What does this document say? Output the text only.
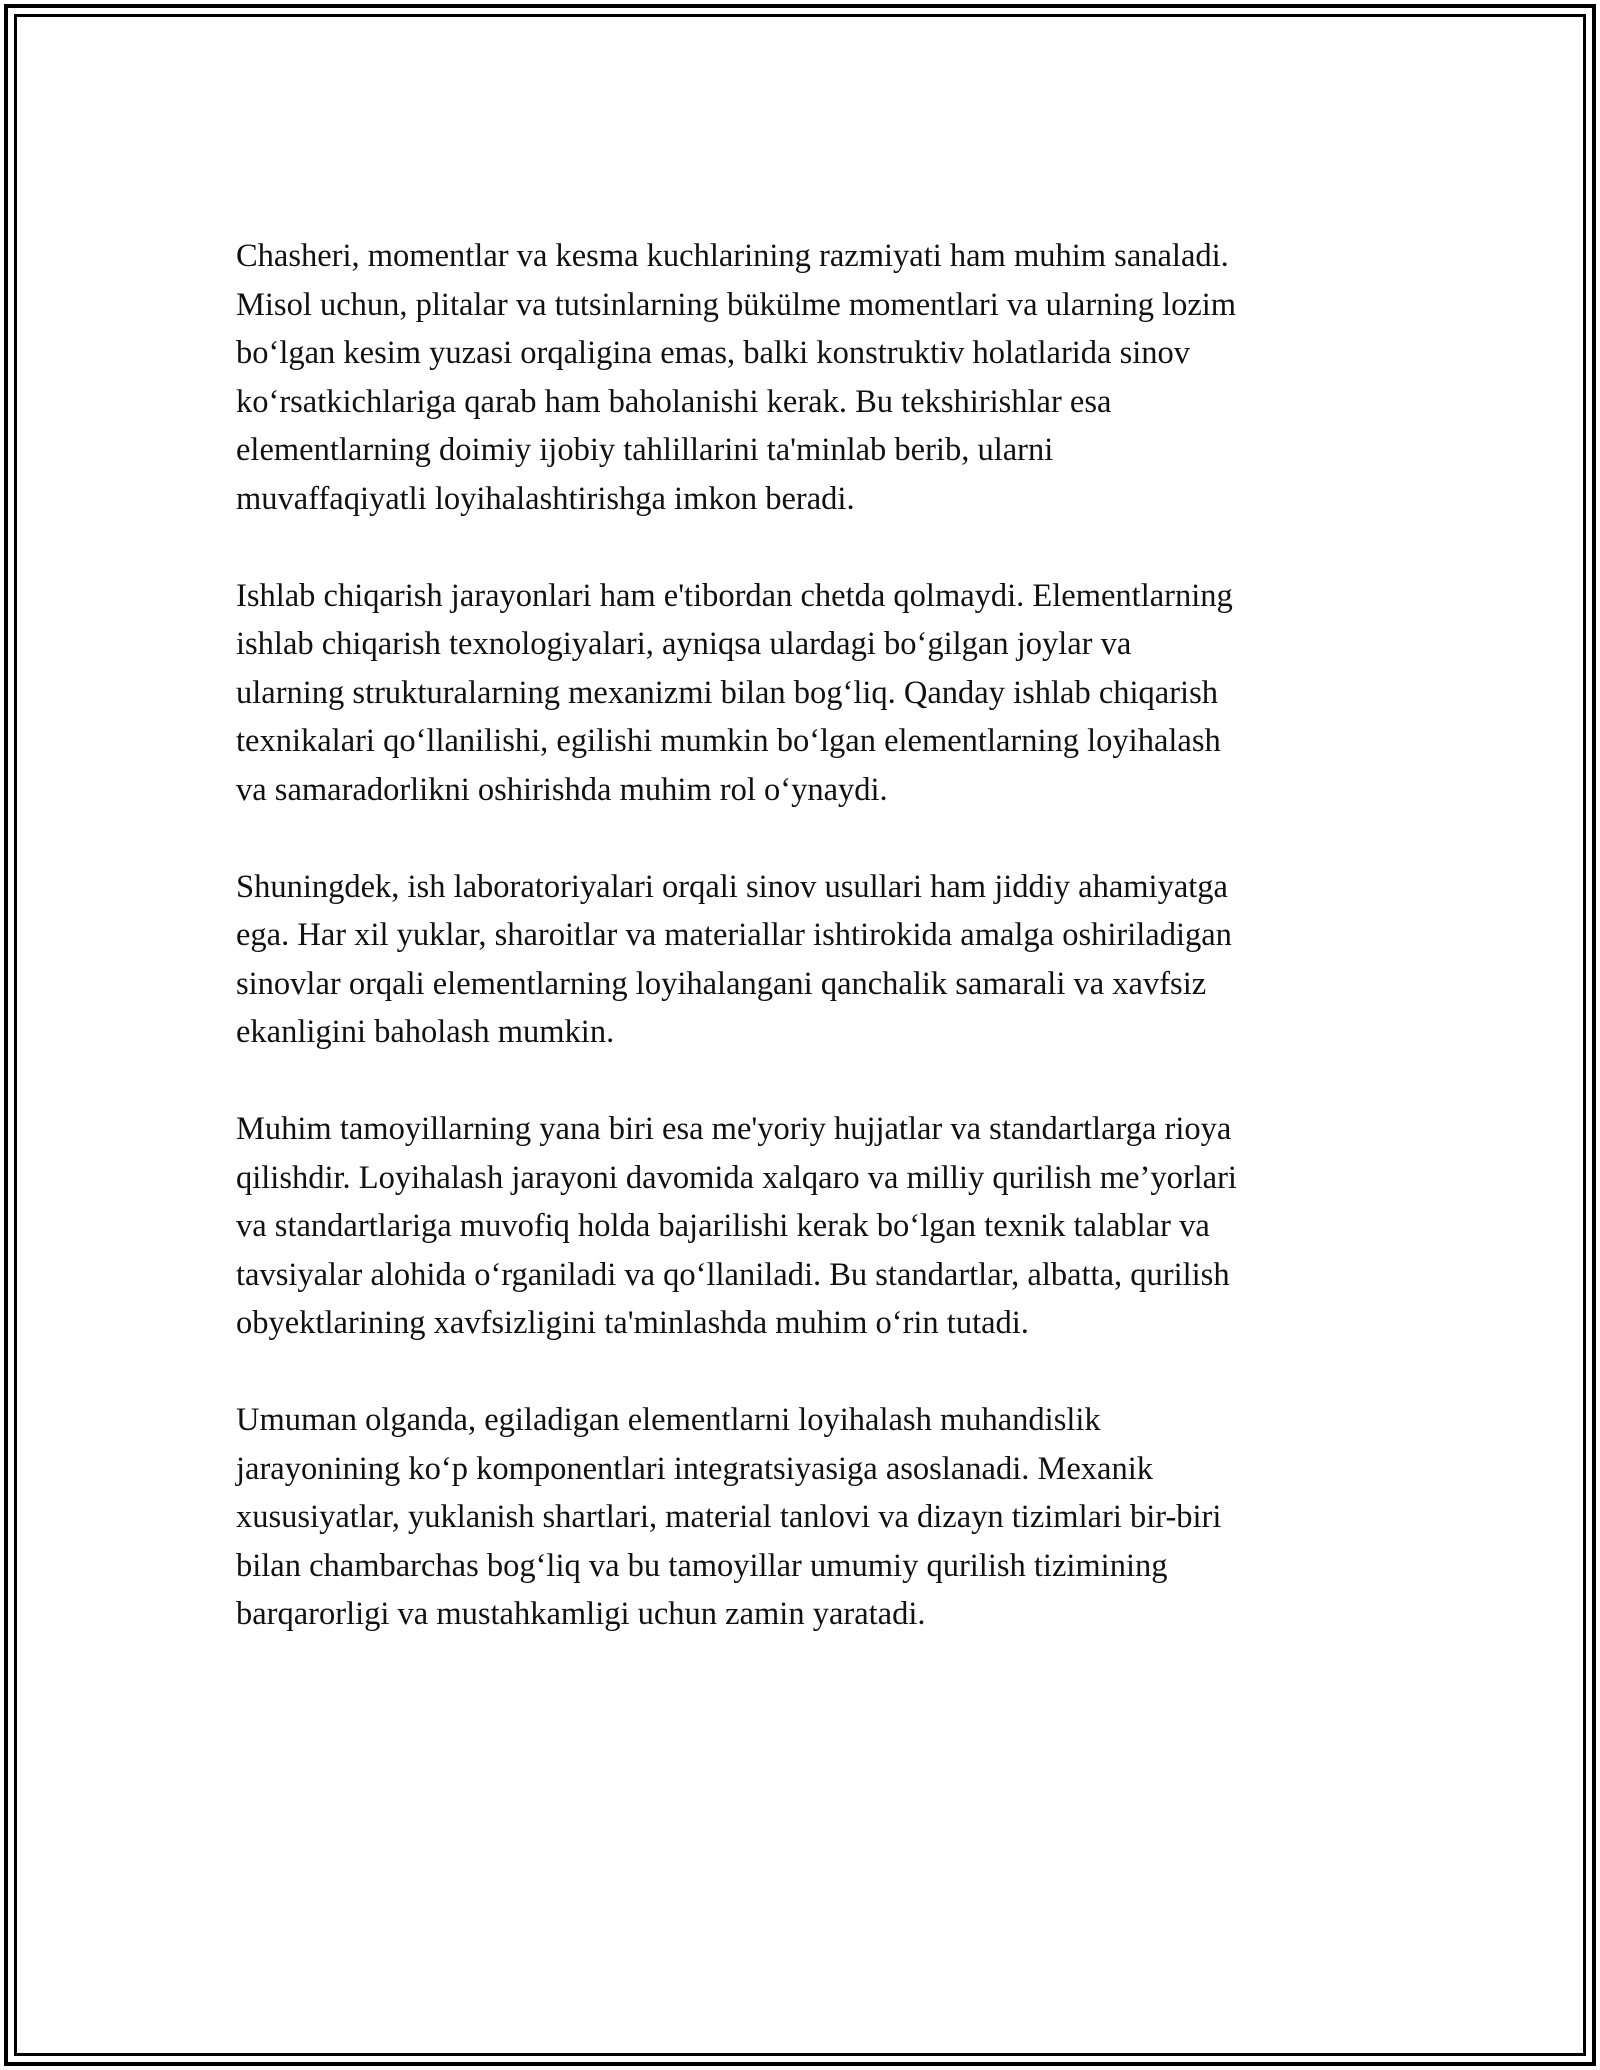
Chasheri, momentlar va kesma kuchlarining razmiyati ham muhim sanaladi.
Misol uchun, plitalar va tutsinlarning bükülme momentlari va ularning lozim
bo‘lgan kesim yuzasi orqaligina emas, balki konstruktiv holatlarida sinov
ko‘rsatkichlariga qarab ham baholanishi kerak. Bu tekshirishlar esa
elementlarning doimiy ijobiy tahlillarini ta'minlab berib, ularni
muvaffaqiyatli loyihalashtirishga imkon beradi.

Ishlab chiqarish jarayonlari ham e'tibordan chetda qolmaydi. Elementlarning
ishlab chiqarish texnologiyalari, ayniqsa ulardagi bo‘gilgan joylar va
ularning strukturalarning mexanizmi bilan bog‘liq. Qanday ishlab chiqarish
texnikalari qo‘llanilishi, egilishi mumkin bo‘lgan elementlarning loyihalash
va samaradorlikni oshirishda muhim rol o‘ynaydi.

Shuningdek, ish laboratoriyalari orqali sinov usullari ham jiddiy ahamiyatga
ega. Har xil yuklar, sharoitlar va materiallar ishtirokida amalga oshiriladigan
sinovlar orqali elementlarning loyihalangani qanchalik samarali va xavfsiz
ekanligini baholash mumkin.

Muhim tamoyillarning yana biri esa me'yoriy hujjatlar va standartlarga rioya
qilishdir. Loyihalash jarayoni davomida xalqaro va milliy qurilish me’yorlari
va standartlariga muvofiq holda bajarilishi kerak bo‘lgan texnik talablar va
tavsiyalar alohida o‘rganiladi va qo‘llaniladi. Bu standartlar, albatta, qurilish
obyektlarining xavfsizligini ta'minlashda muhim o‘rin tutadi.

Umuman olganda, egiladigan elementlarni loyihalash muhandislik
jarayonining ko‘p komponentlari integratsiyasiga asoslanadi. Mexanik
xususiyatlar, yuklanish shartlari, material tanlovi va dizayn tizimlari bir-biri
bilan chambarchas bog‘liq va bu tamoyillar umumiy qurilish tizimining
barqarorligi va mustahkamligi uchun zamin yaratadi.
